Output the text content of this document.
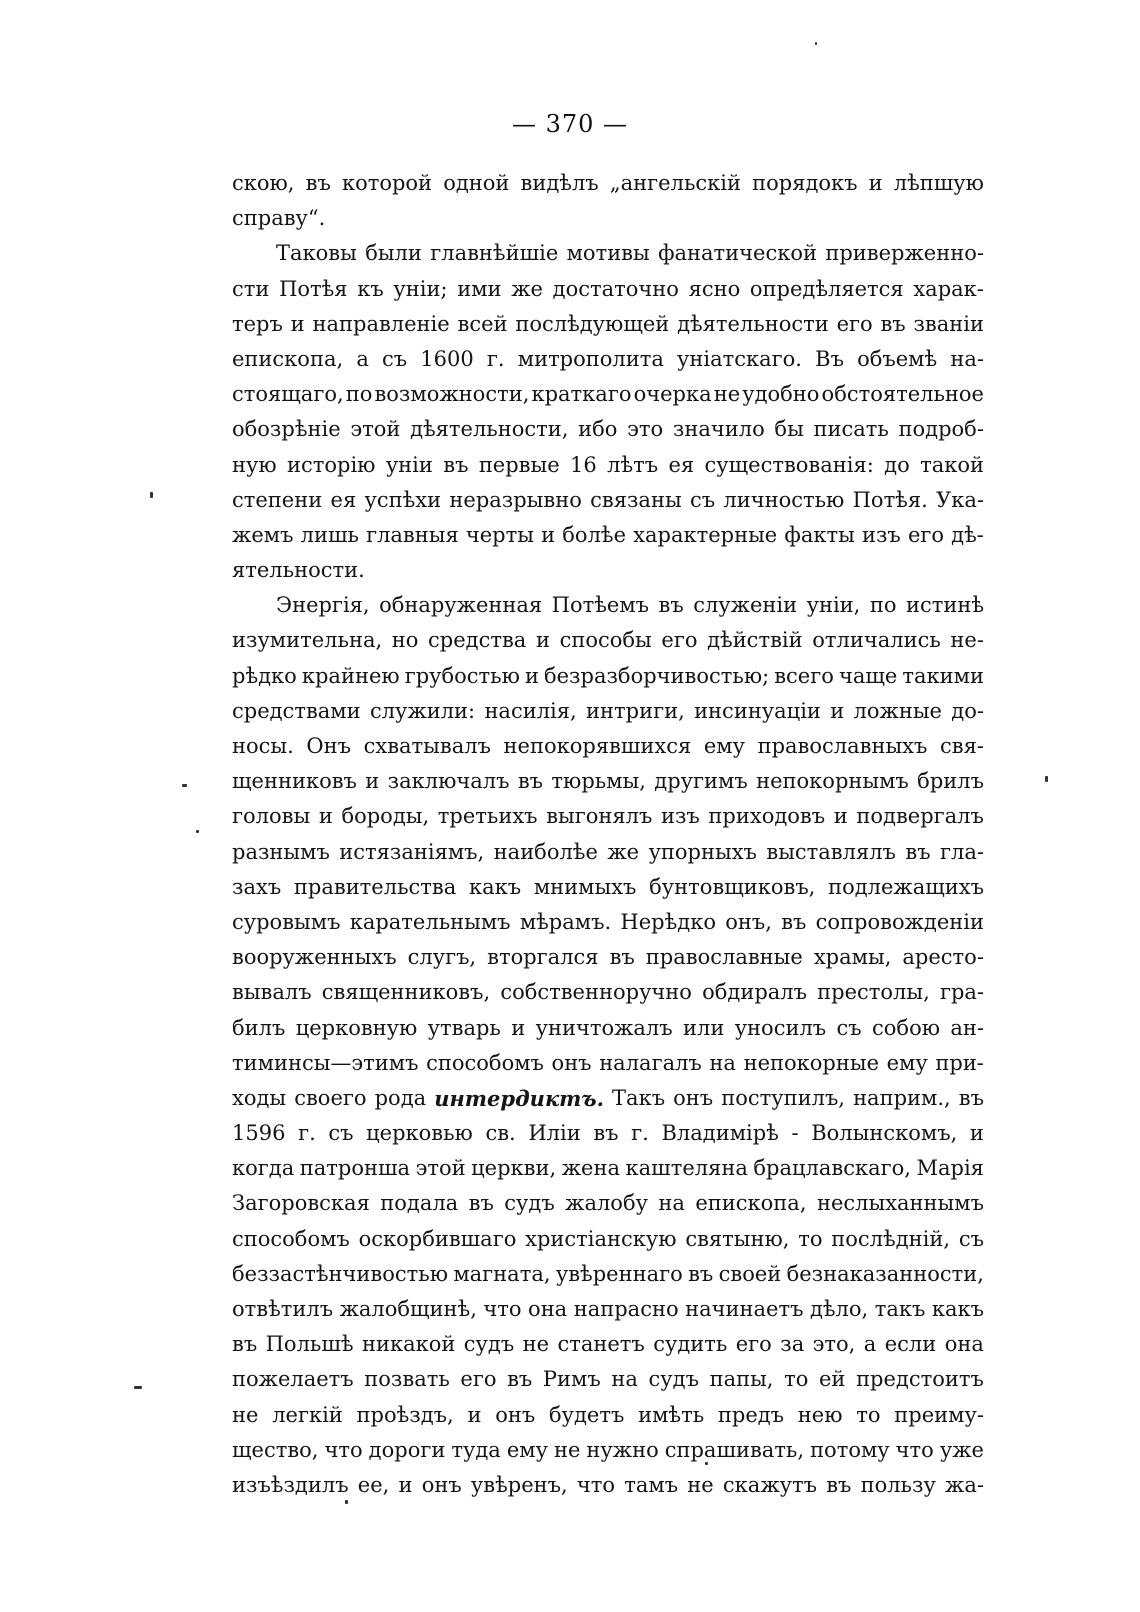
— 370 —
скою, въ которой одной видѣлъ „ангельскій порядокъ и лѣпшую
справу“.
Таковы были главнѣйшіе мотивы фанатической приверженно-
сти Потѣя къ уніи; ими же достаточно ясно опредѣляется харак-
теръ и направленіе всей послѣдующей дѣятельности его въ званіи
епископа, а съ 1600 г. митрополита уніатскаго. Въ объемѣ на-
стоящаго, по возможности, краткаго очерка не удобно обстоятельное
обозрѣніе этой дѣятельности, ибо это значило бы писать подроб-
ную исторію уніи въ первые 16 лѣтъ ея существованія: до такой
степени ея успѣхи неразрывно связаны съ личностью Потѣя. Ука-
жемъ лишь главныя черты и болѣе характерные факты изъ его дѣ-
ятельности.
Энергія, обнаруженная Потѣемъ въ служеніи уніи, по истинѣ
изумительна, но средства и способы его дѣйствій отличались не-
рѣдко крайнею грубостью и безразборчивостью; всего чаще такими
средствами служили: насилія, интриги, инсинуаціи и ложные до-
носы. Онъ схватывалъ непокорявшихся ему православныхъ свя-
щенниковъ и заключалъ въ тюрьмы, другимъ непокорнымъ брилъ
головы и бороды, третьихъ выгонялъ изъ приходовъ и подвергалъ
разнымъ истязаніямъ, наиболѣе же упорныхъ выставлялъ въ гла-
захъ правительства какъ мнимыхъ бунтовщиковъ, подлежащихъ
суровымъ карательнымъ мѣрамъ. Нерѣдко онъ, въ сопровожденіи
вооруженныхъ слугъ, вторгался въ православные храмы, аресто-
вывалъ священниковъ, собственноручно обдиралъ престолы, гра-
билъ церковную утварь и уничтожалъ или уносилъ съ собою ан-
тиминсы—этимъ способомъ онъ налагалъ на непокорные ему при-
ходы своего рода интердиктъ. Такъ онъ поступилъ, наприм., въ
1596 г. съ церковью св. Иліи въ г. Владимірѣ - Волынскомъ, и
когда патронша этой церкви, жена каштеляна брацлавскаго, Марія
Загоровская подала въ судъ жалобу на епископа, неслыханнымъ
способомъ оскорбившаго христіанскую святыню, то послѣдній, съ
беззастѣнчивостью магната, увѣреннаго въ своей безнаказанности,
отвѣтилъ жалобщинѣ, что она напрасно начинаетъ дѣло, такъ какъ
въ Польшѣ никакой судъ не станетъ судить его за это, а если она
пожелаетъ позвать его въ Римъ на судъ папы, то ей предстоитъ
не легкій проѣздъ, и онъ будетъ имѣть предъ нею то преиму-
щество, что дороги туда ему не нужно спрашивать, потому что уже
изъѣздилъ ее, и онъ увѣренъ, что тамъ не скажутъ въ пользу жа-
